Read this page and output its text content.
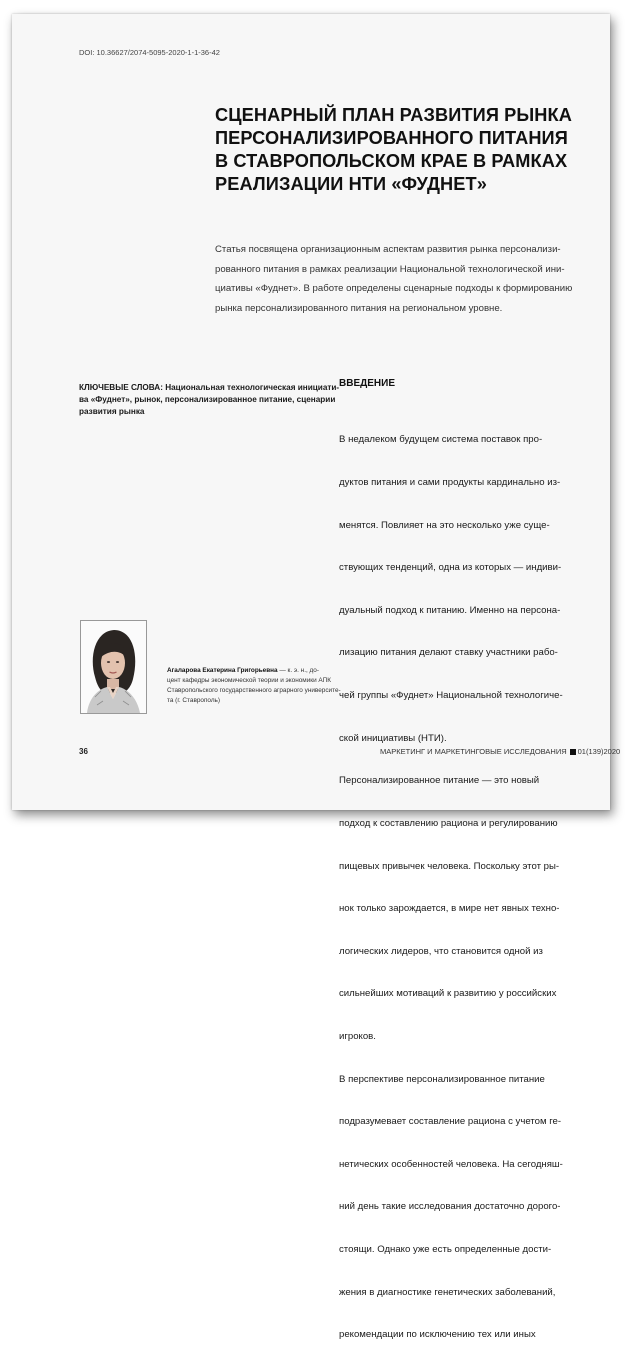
DOI: 10.36627/2074-5095-2020-1-1-36-42
СЦЕНАРНЫЙ ПЛАН РАЗВИТИЯ РЫНКА
ПЕРСОНАЛИЗИРОВАННОГО ПИТАНИЯ
В СТАВРОПОЛЬСКОМ КРАЕ В РАМКАХ
РЕАЛИЗАЦИИ НТИ «ФУДНЕТ»
Статья посвящена организационным аспектам развития рынка персонализи-
рованного питания в рамках реализации Национальной технологической ини-
циативы «Фуднет». В работе определены сценарные подходы к формированию
рынка персонализированного питания на региональном уровне.
КЛЮЧЕВЫЕ СЛОВА: Национальная технологическая инициати-
ва «Фуднет», рынок, персонализированное питание, сценарии
развития рынка
ВВЕДЕНИЕ

В недалеком будущем система поставок про-

дуктов питания и сами продукты кардинально из-

менятся. Повлияет на это несколько уже суще-

ствующих тенденций, одна из которых — индиви-

дуальный подход к питанию. Именно на персона-

лизацию питания делают ставку участники рабо-

чей группы «Фуднет» Национальной технологиче-

ской инициативы (НТИ).

Персонализированное питание — это новый

подход к составлению рациона и регулированию

пищевых привычек человека. Поскольку этот ры-

нок только зарождается, в мире нет явных техно-

логических лидеров, что становится одной из

сильнейших мотиваций к развитию у российских

игроков.

В перспективе персонализированное питание

подразумевает составление рациона с учетом ге-

нетических особенностей человека. На сегодняш-

ний день такие исследования достаточно дорого-

стоящи. Однако уже есть определенные дости-

жения в диагностике генетических заболеваний,

рекомендации по исключению тех или иных

Агаларова Екатерина Григорьевна — к. э. н., до-
цент кафедры экономической теории и экономики АПК
Ставропольского государственного аграрного университе-
та (г. Ставрополь)
36	МАРКЕТИНГ И МАРКЕТИНГОВЫЕ ИССЛЕДОВАНИЯ 01(139)2020
